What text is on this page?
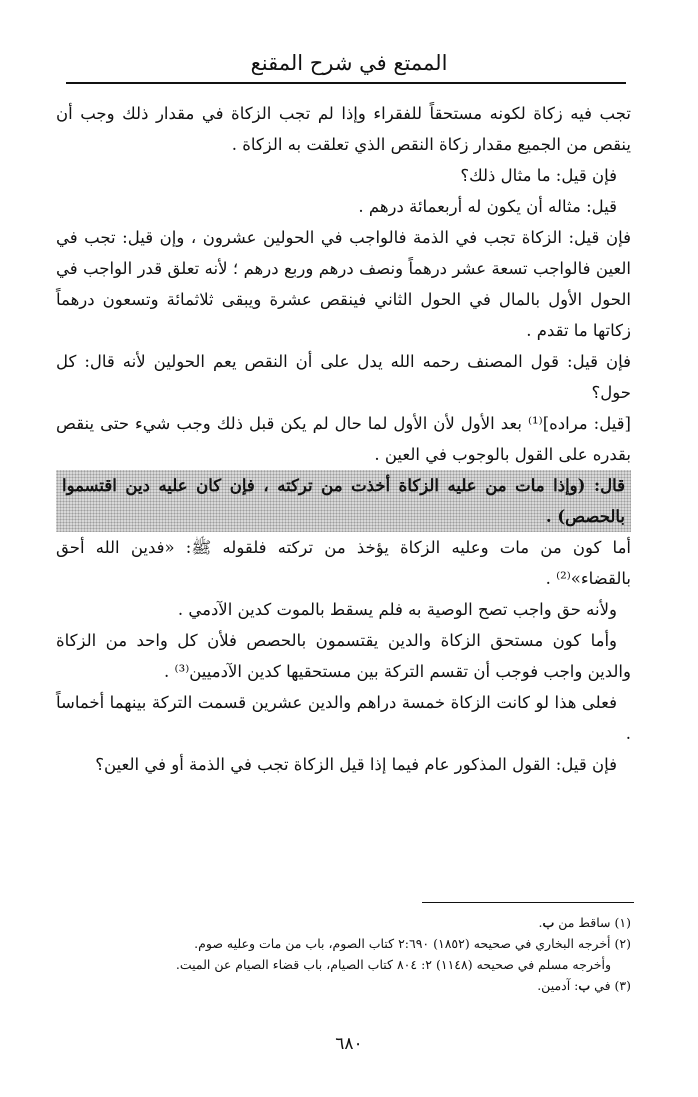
الممتع في شرح المقنع

تجب فيه زكاة لكونه مستحقاً للفقراء وإذا لم تجب الزكاة في مقدار ذلك وجب أن ينقص من الجميع مقدار زكاة النقص الذي تعلقت به الزكاة .

فإن قيل: ما مثال ذلك؟

قيل: مثاله أن يكون له أربعمائة درهم .

فإن قيل: الزكاة تجب في الذمة فالواجب في الحولين عشرون ، وإن قيل: تجب في العين فالواجب تسعة عشر درهماً ونصف درهم وربع درهم ؛ لأنه تعلق قدر الواجب في الحول الأول بالمال في الحول الثاني فينقص عشرة ويبقى ثلاثمائة وتسعون درهماً زكاتها ما تقدم .

فإن قيل: قول المصنف رحمه الله يدل على أن النقص يعم الحولين لأنه قال: كل حول؟

[قيل: مراده]⁽¹⁾ بعد الأول لأن الأول لما حال لم يكن قبل ذلك وجب شيء حتى ينقص بقدره على القول بالوجوب في العين .

قال: (وإذا مات من عليه الزكاة أخذت من تركته ، فإن كان عليه دين اقتسموا بالحصص) .

أما كون من مات وعليه الزكاة يؤخذ من تركته فلقوله ﷺ: «فدين الله أحق بالقضاء»⁽²⁾ .

ولأنه حق واجب تصح الوصية به فلم يسقط بالموت كدين الآدمي .

وأما كون مستحق الزكاة والدين يقتسمون بالحصص فلأن كل واحد من الزكاة والدين واجب فوجب أن تقسم التركة بين مستحقيها كدين الآدميين⁽³⁾ .

فعلى هذا لو كانت الزكاة خمسة دراهم والدين عشرين قسمت التركة بينهما أخماساً .

فإن قيل: القول المذكور عام فيما إذا قيل الزكاة تجب في الذمة أو في العين؟

(١) ساقط من ب.

(٢) أخرجه البخاري في صحيحه (١٨٥٢) ٢:٦٩٠ كتاب الصوم، باب من مات وعليه صوم.

وأخرجه مسلم في صحيحه (١١٤٨) ٢: ٨٠٤ كتاب الصيام، باب قضاء الصيام عن الميت.

(٣) في ب: آدمين.

٦٨٠
